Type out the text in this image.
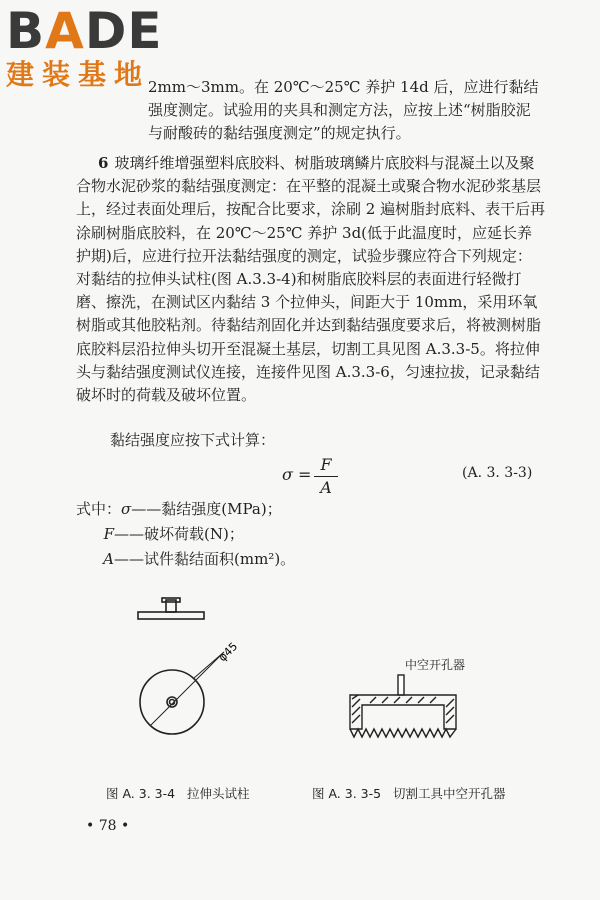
BADE
建装基地

2mm～3mm。在 20℃～25℃ 养护 14d 后，应进行黏结强度测定。试验用的夹具和测定方法，应按上述“树脂胶泥与耐酸砖的黏结强度测定”的规定执行。

6 玻璃纤维增强塑料底胶料、树脂玻璃鳞片底胶料与混凝土以及聚合物水泥砂浆的黏结强度测定：在平整的混凝土或聚合物水泥砂浆基层上，经过表面处理后，按配合比要求，涂刷 2 遍树脂封底料、表干后再涂刷树脂底胶料，在 20℃～25℃ 养护 3d(低于此温度时，应延长养护期)后，应进行拉开法黏结强度的测定，试验步骤应符合下列规定：对黏结的拉伸头试柱(图 A.3.3-4)和树脂底胶料层的表面进行轻微打磨、擦洗，在测试区内黏结 3 个拉伸头，间距大于 10mm，采用环氧树脂或其他胶粘剂。待黏结剂固化并达到黏结强度要求后，将被测树脂底胶料层沿拉伸头切开至混凝土基层，切割工具见图 A.3.3-5。将拉伸头与黏结强度测试仪连接，连接件见图 A.3.3-6，匀速拉拔，记录黏结破坏时的荷载及破坏位置。

黏结强度应按下式计算：

σ =
F
A
(A. 3. 3-3)
式中：σ——黏结强度(MPa)；
F——破坏荷载(N)；
A——试件黏结面积(mm²)。
φ45
图 A. 3. 3-4 拉伸头试柱
中空开孔器
图 A. 3. 3-5 切割工具中空开孔器
• 78 •
